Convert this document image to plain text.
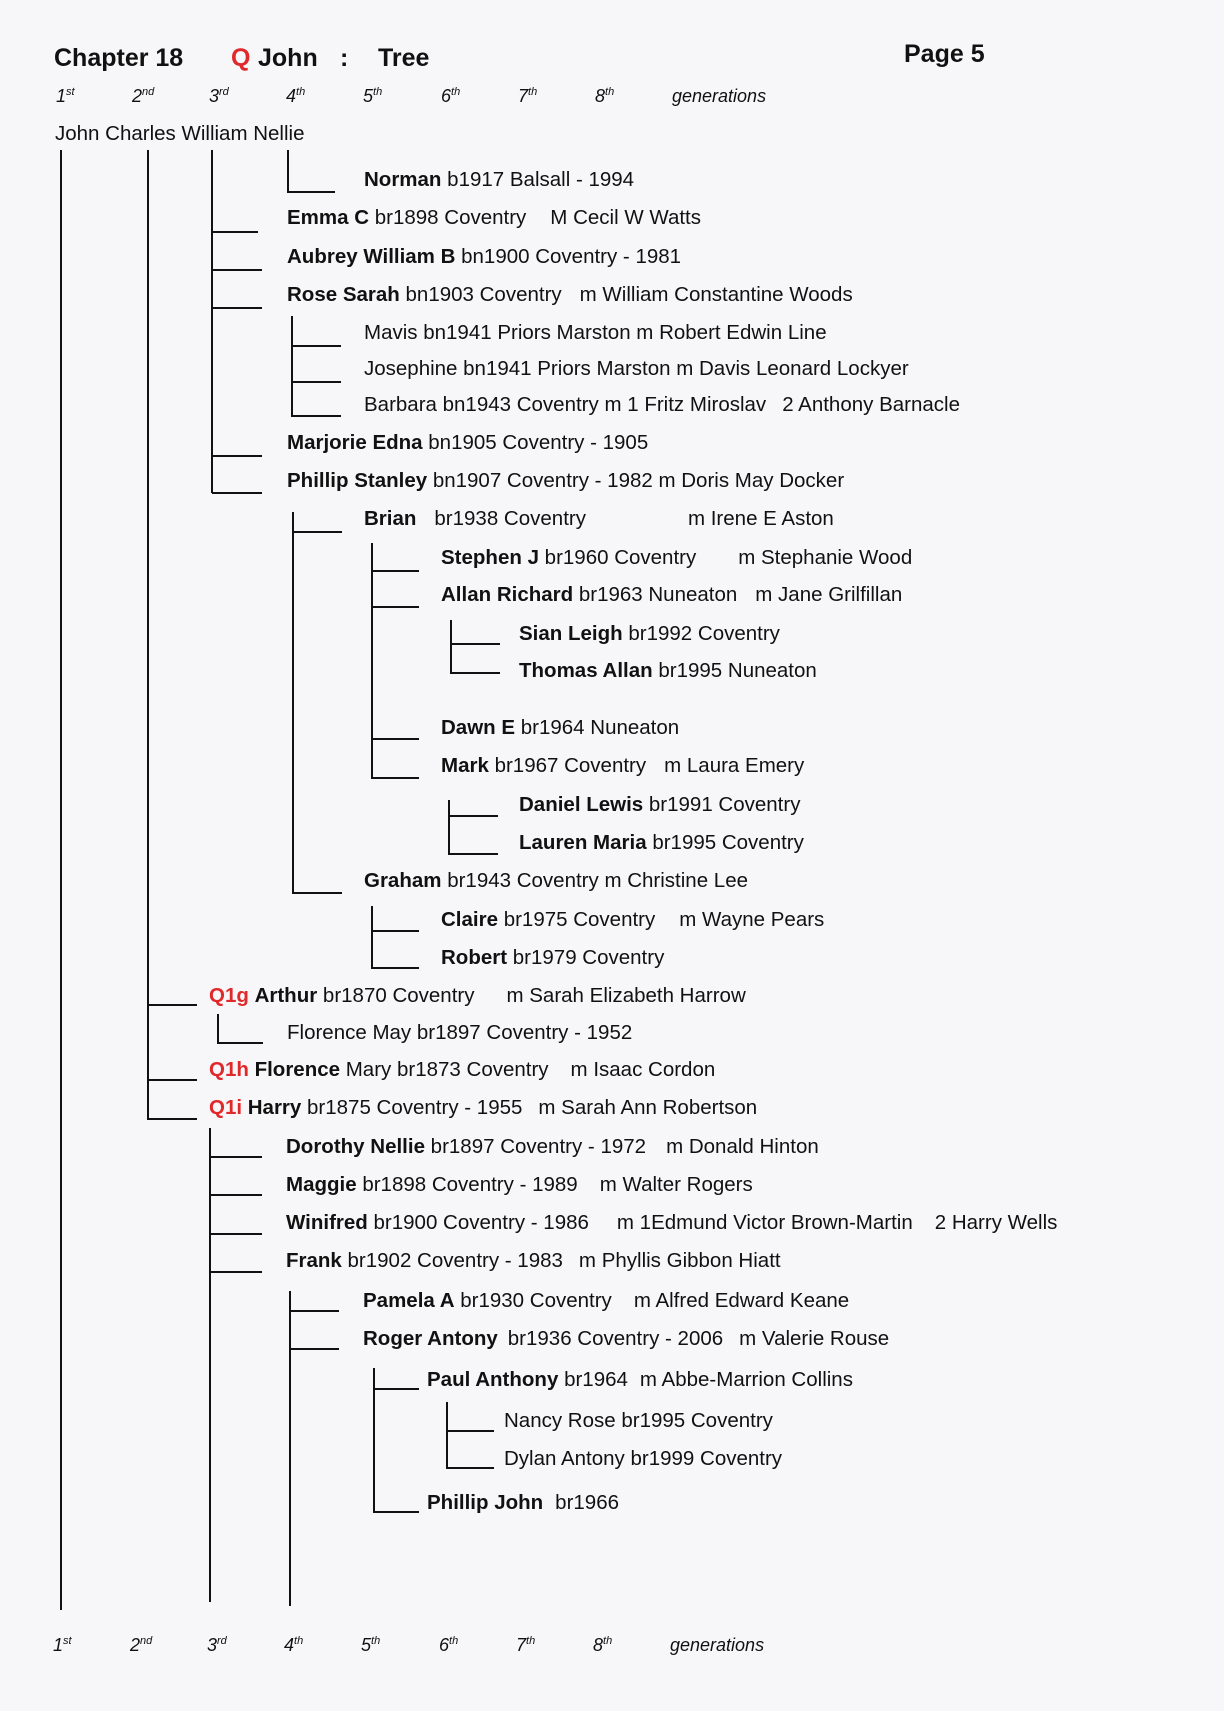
Chapter 18 Q John : Tree	Page 5
1st	2nd	3rd	4th	5th	6th	7th	8th	generations
John Charles William Nellie
Norman b1917 Balsall - 1994
Emma C br1898 Coventry M Cecil W Watts
Aubrey William B bn1900 Coventry - 1981
Rose Sarah bn1903 Coventry m William Constantine Woods
Mavis bn1941 Priors Marston m Robert Edwin Line
Josephine bn1941 Priors Marston m Davis Leonard Lockyer
Barbara bn1943 Coventry m 1 Fritz Miroslav 2 Anthony Barnacle
Marjorie Edna bn1905 Coventry - 1905
Phillip Stanley bn1907 Coventry - 1982 m Doris May Docker
Brian br1938 Coventry	m Irene E Aston
Stephen J br1960 Coventry m Stephanie Wood
Allan Richard br1963 Nuneaton m Jane Grilfillan
Sian Leigh br1992 Coventry
Thomas Allan br1995 Nuneaton
Dawn E br1964 Nuneaton
Mark br1967 Coventry m Laura Emery
Daniel Lewis br1991 Coventry
Lauren Maria br1995 Coventry
Graham br1943 Coventry m Christine Lee
Claire br1975 Coventry m Wayne Pears
Robert br1979 Coventry
Q1g Arthur br1870 Coventry m Sarah Elizabeth Harrow
Florence May br1897 Coventry - 1952
Q1h Florence Mary br1873 Coventry m Isaac Cordon
Q1i Harry br1875 Coventry - 1955 m Sarah Ann Robertson
Dorothy Nellie br1897 Coventry - 1972 m Donald Hinton
Maggie br1898 Coventry - 1989 m Walter Rogers
Winifred br1900 Coventry - 1986 m 1Edmund Victor Brown-Martin 2 Harry Wells
Frank br1902 Coventry - 1983 m Phyllis Gibbon Hiatt
Pamela A br1930 Coventry m Alfred Edward Keane
Roger Antony br1936 Coventry - 2006 m Valerie Rouse
Paul Anthony br1964 m Abbe-Marrion Collins
Nancy Rose br1995 Coventry
Dylan Antony br1999 Coventry
Phillip John br1966
1st	2nd	3rd	4th	5th	6th	7th	8th	generations
